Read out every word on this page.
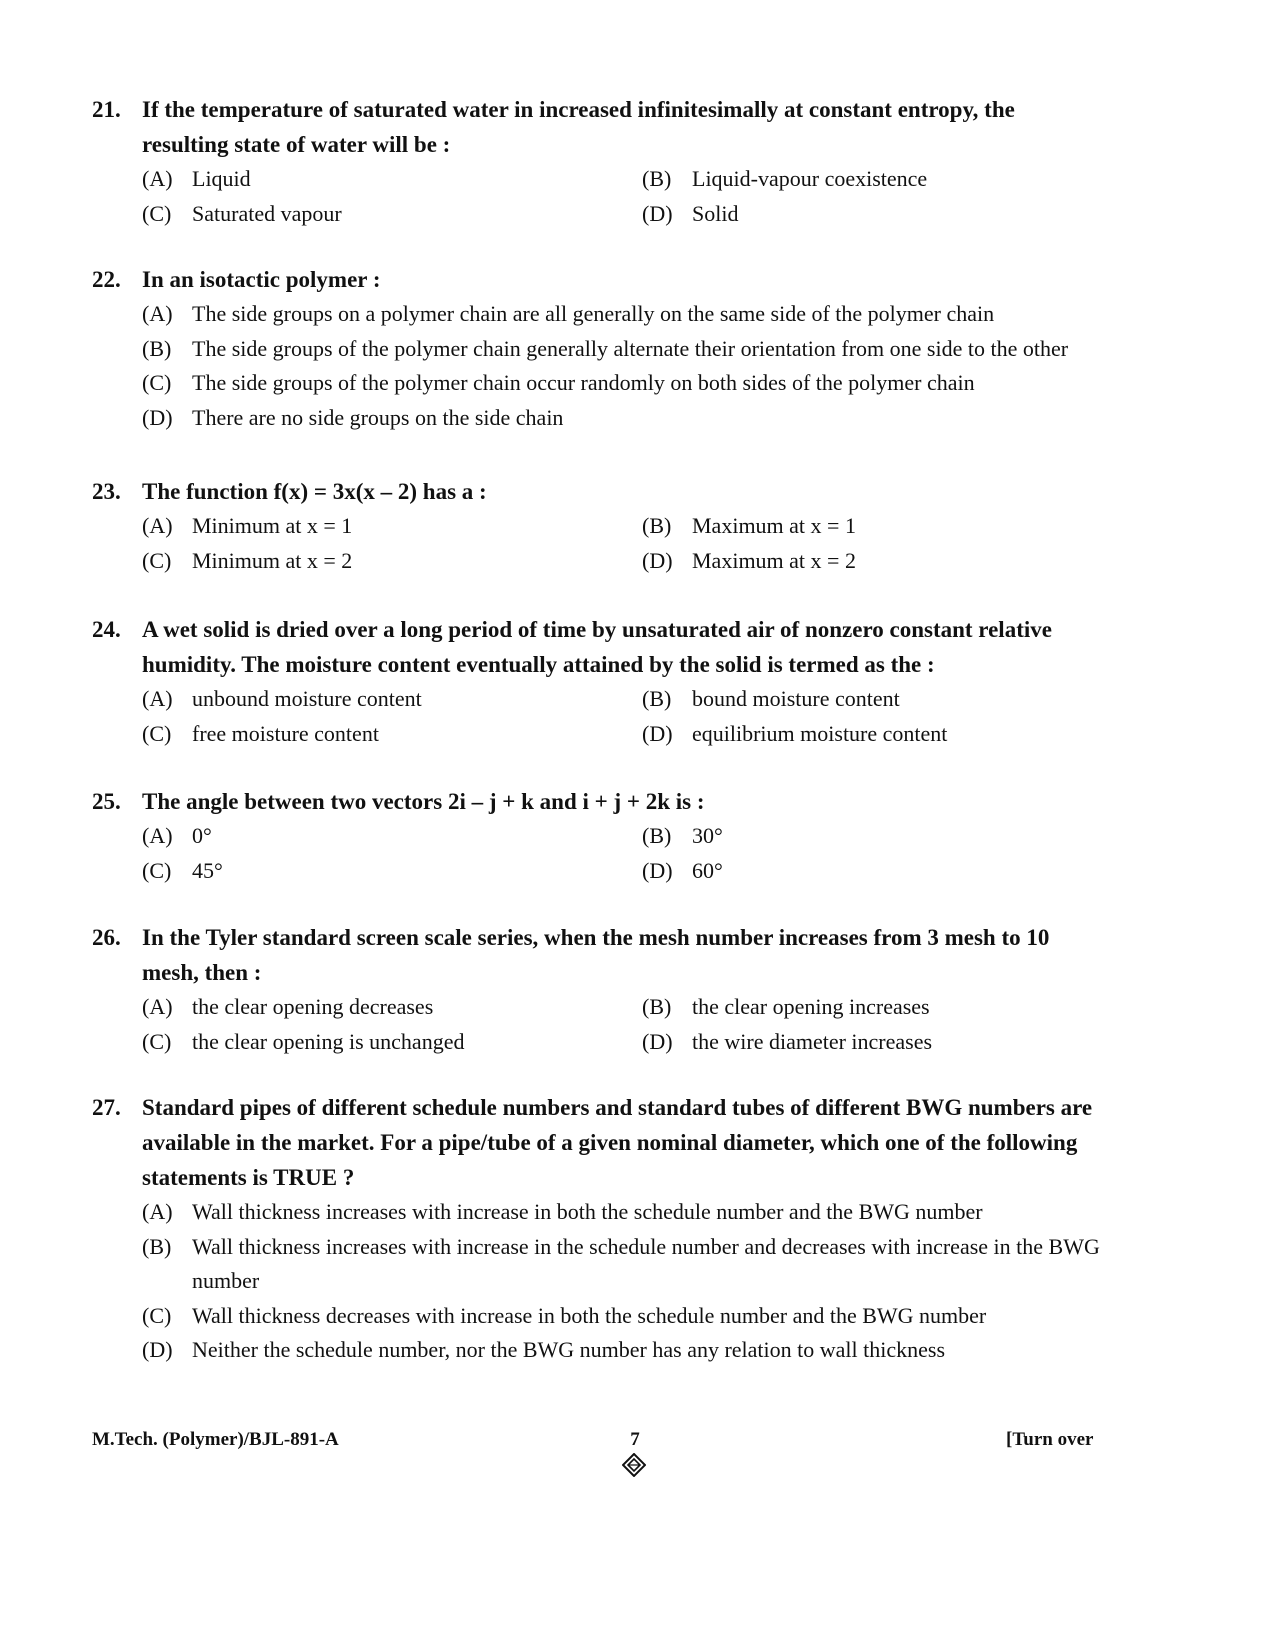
21. If the temperature of saturated water in increased infinitesimally at constant entropy, the resulting state of water will be :
(A) Liquid	(B) Liquid-vapour coexistence
(C) Saturated vapour	(D) Solid
22. In an isotactic polymer :
(A) The side groups on a polymer chain are all generally on the same side of the polymer chain
(B) The side groups of the polymer chain generally alternate their orientation from one side to the other
(C) The side groups of the polymer chain occur randomly on both sides of the polymer chain
(D) There are no side groups on the side chain
23. The function f(x) = 3x(x – 2) has a :
(A) Minimum at x = 1	(B) Maximum at x = 1
(C) Minimum at x = 2	(D) Maximum at x = 2
24. A wet solid is dried over a long period of time by unsaturated air of nonzero constant relative humidity. The moisture content eventually attained by the solid is termed as the :
(A) unbound moisture content	(B) bound moisture content
(C) free moisture content	(D) equilibrium moisture content
25. The angle between two vectors 2i – j + k and i + j + 2k is :
(A) 0°	(B) 30°
(C) 45°	(D) 60°
26. In the Tyler standard screen scale series, when the mesh number increases from 3 mesh to 10 mesh, then :
(A) the clear opening decreases	(B) the clear opening increases
(C) the clear opening is unchanged	(D) the wire diameter increases
27. Standard pipes of different schedule numbers and standard tubes of different BWG numbers are available in the market. For a pipe/tube of a given nominal diameter, which one of the following statements is TRUE ?
(A) Wall thickness increases with increase in both the schedule number and the BWG number
(B) Wall thickness increases with increase in the schedule number and decreases with increase in the BWG number
(C) Wall thickness decreases with increase in both the schedule number and the BWG number
(D) Neither the schedule number, nor the BWG number has any relation to wall thickness
M.Tech. (Polymer)/BJL-891-A	7	[Turn over
